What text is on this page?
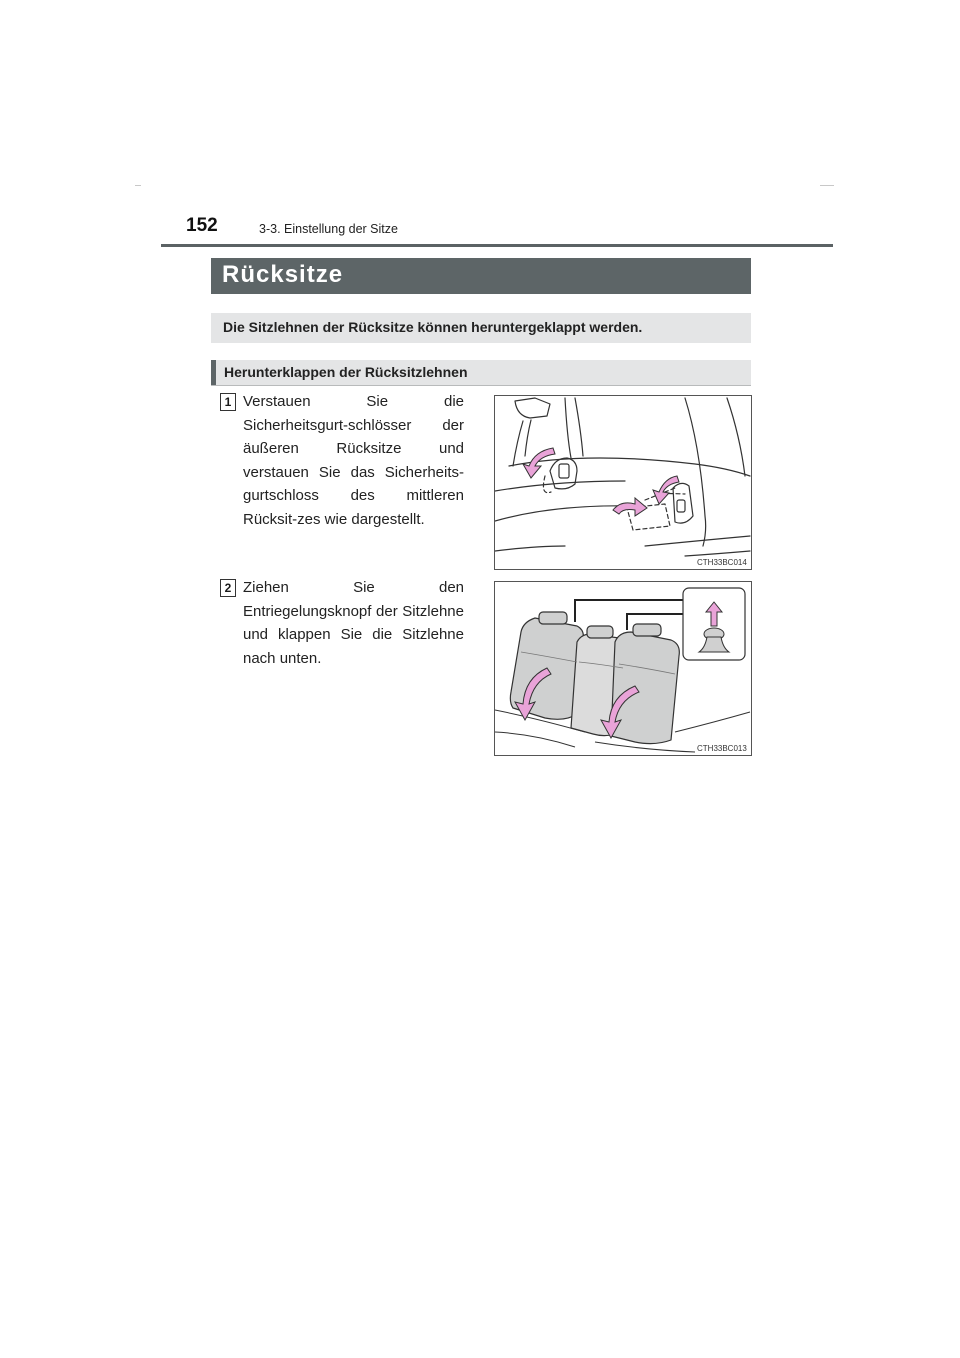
152	3-3. Einstellung der Sitze
Rücksitze
Die Sitzlehnen der Rücksitze können heruntergeklappt werden.
Herunterklappen der Rücksitzlehnen
1 Verstauen Sie die Sicherheitsgurt-schlösser der äußeren Rücksitze und verstauen Sie das Sicherheits-gurtschloss des mittleren Rücksit-zes wie dargestellt.
CTH33BC014
2 Ziehen Sie den Entriegelungsknopf der Sitzlehne und klappen Sie die Sitzlehne nach unten.
CTH33BC013
